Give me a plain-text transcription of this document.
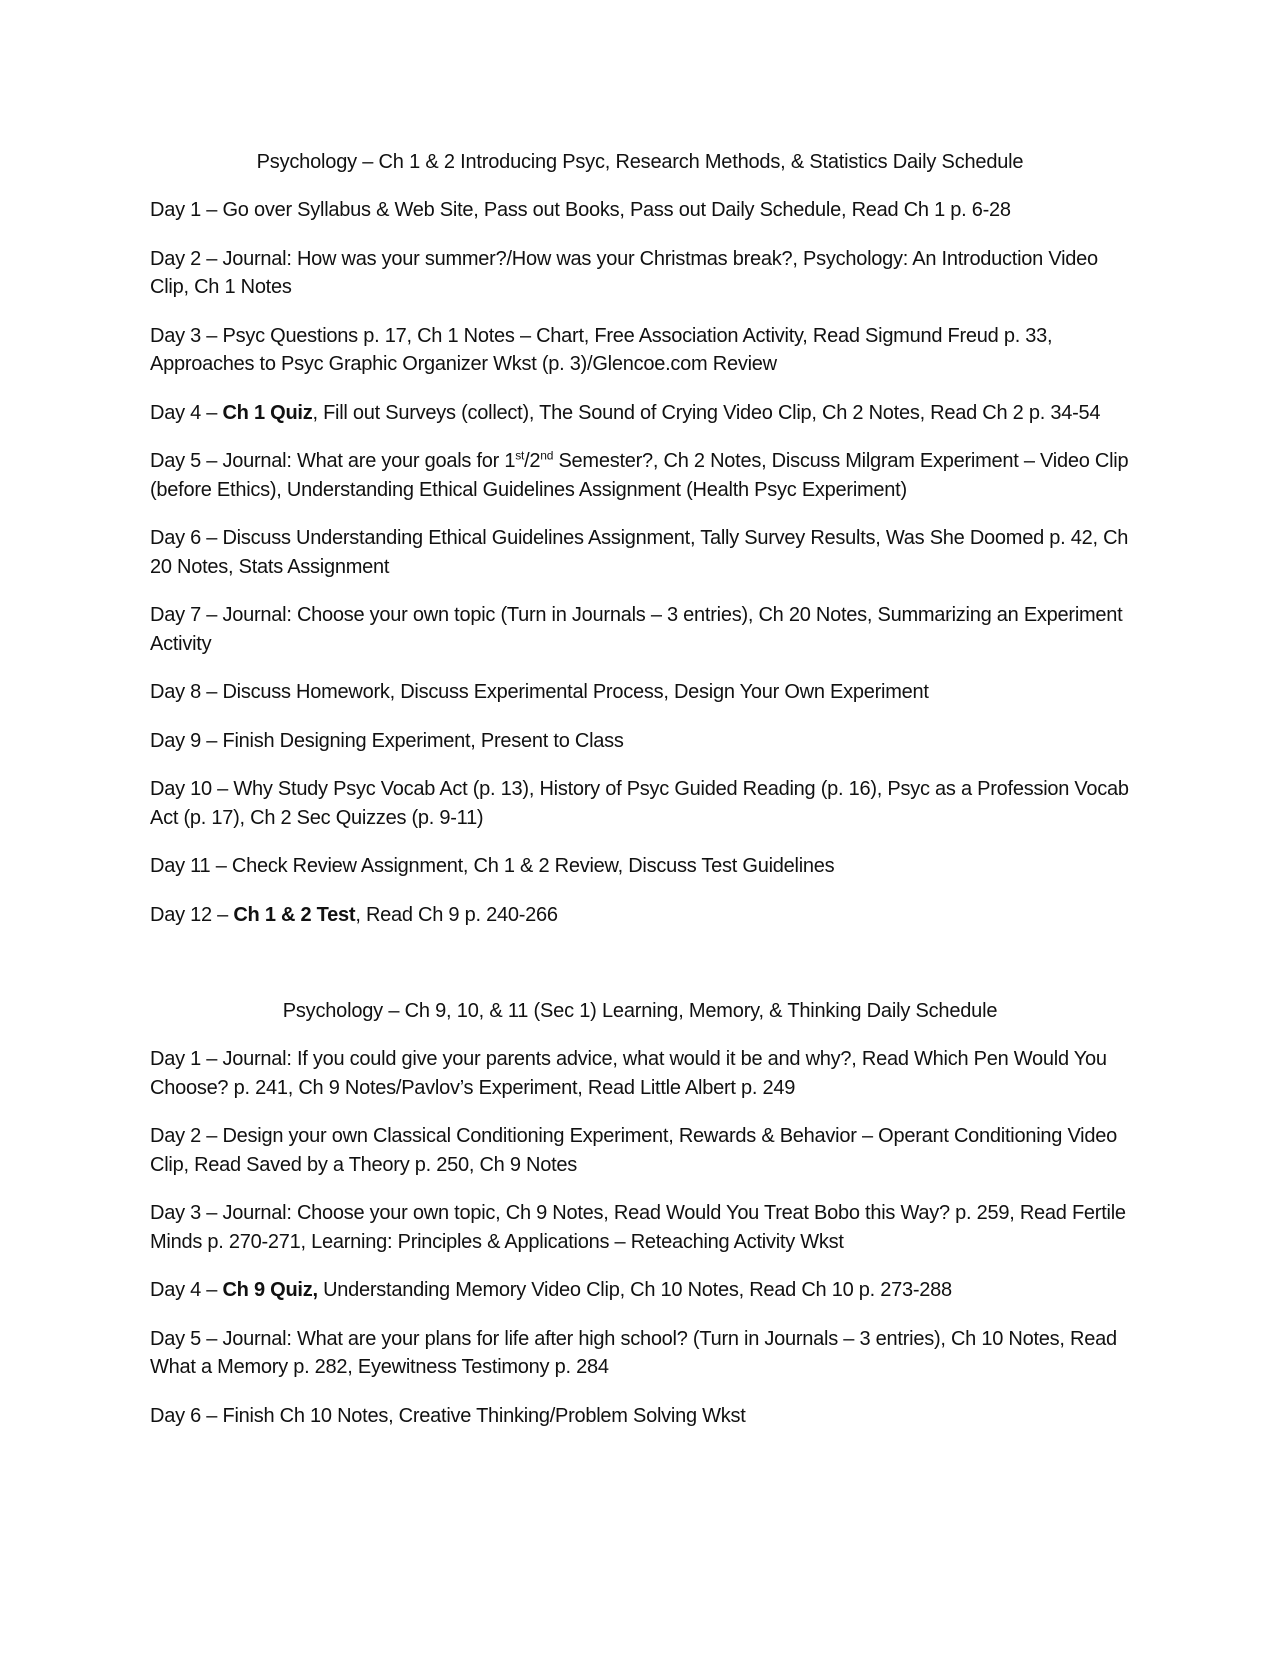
Psychology – Ch 1 & 2 Introducing Psyc, Research Methods, & Statistics Daily Schedule
Day 1 – Go over Syllabus & Web Site, Pass out Books, Pass out Daily Schedule, Read Ch 1 p. 6-28
Day 2 – Journal: How was your summer?/How was your Christmas break?, Psychology: An Introduction Video Clip, Ch 1 Notes
Day 3 – Psyc Questions p. 17, Ch 1 Notes – Chart, Free Association Activity, Read Sigmund Freud p. 33, Approaches to Psyc Graphic Organizer Wkst (p. 3)/Glencoe.com Review
Day 4 – Ch 1 Quiz, Fill out Surveys (collect), The Sound of Crying Video Clip, Ch 2 Notes, Read Ch 2 p. 34-54
Day 5 – Journal: What are your goals for 1st/2nd Semester?, Ch 2 Notes, Discuss Milgram Experiment – Video Clip (before Ethics), Understanding Ethical Guidelines Assignment (Health Psyc Experiment)
Day 6 – Discuss Understanding Ethical Guidelines Assignment, Tally Survey Results, Was She Doomed p. 42, Ch 20 Notes, Stats Assignment
Day 7 – Journal: Choose your own topic (Turn in Journals – 3 entries), Ch 20 Notes, Summarizing an Experiment Activity
Day 8 – Discuss Homework, Discuss Experimental Process, Design Your Own Experiment
Day 9 – Finish Designing Experiment, Present to Class
Day 10 – Why Study Psyc Vocab Act (p. 13), History of Psyc Guided Reading (p. 16), Psyc as a Profession Vocab Act (p. 17), Ch 2 Sec Quizzes (p. 9-11)
Day 11 – Check Review Assignment, Ch 1 & 2 Review, Discuss Test Guidelines
Day 12 – Ch 1 & 2 Test, Read Ch 9 p. 240-266
Psychology – Ch 9, 10, & 11 (Sec 1) Learning, Memory, & Thinking Daily Schedule
Day 1 – Journal: If you could give your parents advice, what would it be and why?, Read Which Pen Would You Choose? p. 241, Ch 9 Notes/Pavlov’s Experiment, Read Little Albert p. 249
Day 2 – Design your own Classical Conditioning Experiment, Rewards & Behavior – Operant Conditioning Video Clip, Read Saved by a Theory p. 250, Ch 9 Notes
Day 3 – Journal: Choose your own topic, Ch 9 Notes, Read Would You Treat Bobo this Way? p. 259, Read Fertile Minds p. 270-271, Learning: Principles & Applications – Reteaching Activity Wkst
Day 4 – Ch 9 Quiz, Understanding Memory Video Clip, Ch 10 Notes, Read Ch 10 p. 273-288
Day 5 – Journal: What are your plans for life after high school? (Turn in Journals – 3 entries), Ch 10 Notes, Read What a Memory p. 282, Eyewitness Testimony p. 284
Day 6 – Finish Ch 10 Notes, Creative Thinking/Problem Solving Wkst
